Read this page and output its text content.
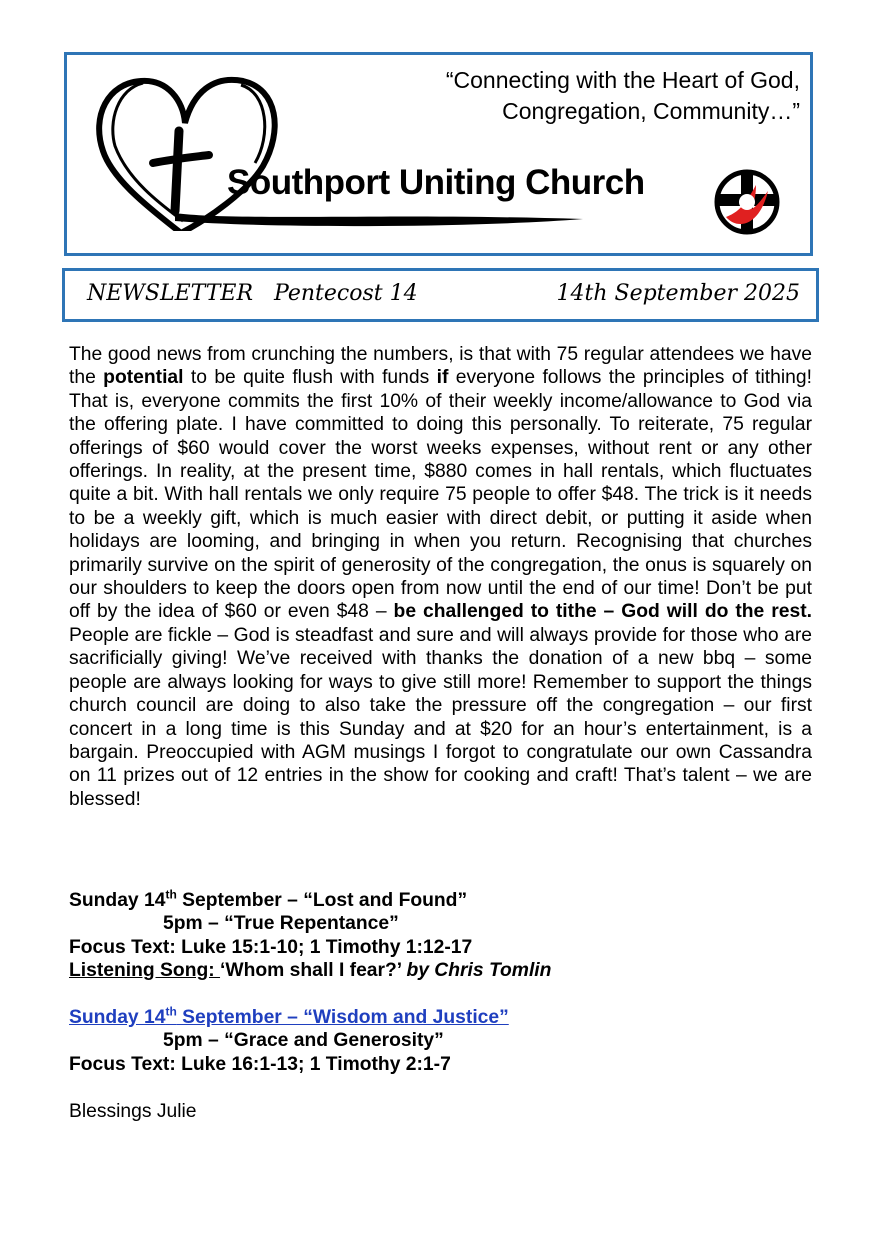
“Connecting with the Heart of God,
Congregation, Community…”
Southport Uniting Church
NEWSLETTER Pentecost 14	14th September 2025

The good news from crunching the numbers, is that with 75 regular attendees we have the potential to be quite flush with funds if everyone follows the principles of tithing! That is, everyone commits the first 10% of their weekly income/allowance to God via the offering plate. I have committed to doing this personally. To reiterate, 75 regular offerings of $60 would cover the worst weeks expenses, without rent or any other offerings. In reality, at the present time, $880 comes in hall rentals, which fluctuates quite a bit. With hall rentals we only require 75 people to offer $48. The trick is it needs to be a weekly gift, which is much easier with direct debit, or putting it aside when holidays are looming, and bringing in when you return. Recognising that churches primarily survive on the spirit of generosity of the congregation, the onus is squarely on our shoulders to keep the doors open from now until the end of our time! Don’t be put off by the idea of $60 or even $48 – be challenged to tithe – God will do the rest. People are fickle – God is steadfast and sure and will always provide for those who are sacrificially giving! We’ve received with thanks the donation of a new bbq – some people are always looking for ways to give still more! Remember to support the things church council are doing to also take the pressure off the congregation – our first concert in a long time is this Sunday and at $20 for an hour’s entertainment, is a bargain. Preoccupied with AGM musings I forgot to congratulate our own Cassandra on 11 prizes out of 12 entries in the show for cooking and craft! That’s talent – we are blessed!

Sunday 14th September – “Lost and Found”
5pm – “True Repentance”
Focus Text: Luke 15:1-10; 1 Timothy 1:12-17
Listening Song: ‘Whom shall I fear?’ by Chris Tomlin
Sunday 14th September – “Wisdom and Justice”
5pm – “Grace and Generosity”
Focus Text: Luke 16:1-13; 1 Timothy 2:1-7
Blessings Julie
